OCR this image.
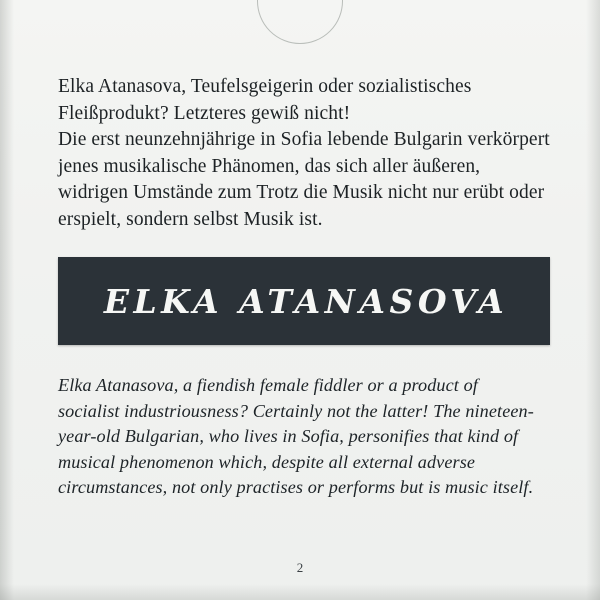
Elka Atanasova, Teufelsgeigerin oder sozialistisches Fleißprodukt? Letzteres gewiß nicht!

Die erst neunzehnjährige in Sofia lebende Bulgarin verkörpert jenes musikalische Phänomen, das sich aller äußeren, widrigen Umstände zum Trotz die Musik nicht nur erübt oder erspielt, sondern selbst Musik ist.

ELKA ATANASOVA

Elka Atanasova, a fiendish female fiddler or a product of socialist industriousness? Certainly not the latter! The nineteen-year-old Bulgarian, who lives in Sofia, personifies that kind of musical phenomenon which, despite all external adverse circumstances, not only practises or performs but is music itself.

2
